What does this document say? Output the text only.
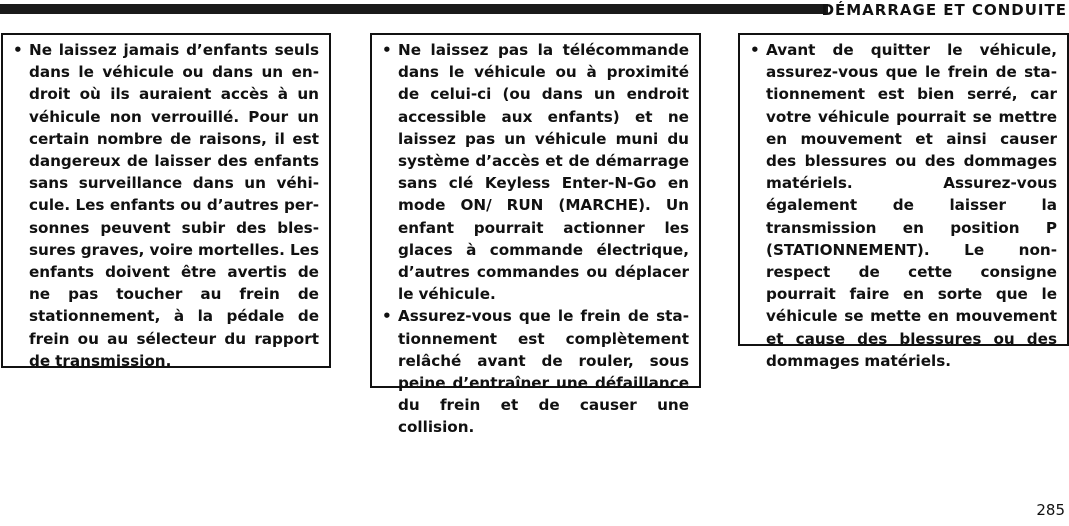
DÉMARRAGE ET CONDUITE
• Ne laissez jamais d’enfants seuls dans le véhicule ou dans un endroit où ils auraient accès à un véhicule non verrouillé. Pour un certain nombre de raisons, il est dangereux de laisser des enfants sans surveillance dans un véhicule. Les enfants ou d’autres personnes peuvent subir des blessures graves, voire mortelles. Les enfants doivent être avertis de ne pas toucher au frein de stationnement, à la pédale de frein ou au sélecteur du rapport de transmission.
• Ne laissez pas la télécommande dans le véhicule ou à proximité de celui-ci (ou dans un endroit accessible aux enfants) et ne laissez pas un véhicule muni du système d’accès et de démarrage sans clé Keyless Enter-N-Go en mode ON/ RUN (MARCHE). Un enfant pourrait actionner les glaces à commande électrique, d’autres commandes ou déplacer le véhicule.
• Assurez-vous que le frein de stationnement est complètement relâché avant de rouler, sous peine d’entraîner une défaillance du frein et de causer une collision.
• Avant de quitter le véhicule, assurez-vous que le frein de stationnement est bien serré, car votre véhicule pourrait se mettre en mouvement et ainsi causer des blessures ou des dommages matériels. Assurez-vous également de laisser la transmission en position P (STATIONNEMENT). Le non-respect de cette consigne pourrait faire en sorte que le véhicule se mette en mouvement et cause des blessures ou des dommages matériels.
285
